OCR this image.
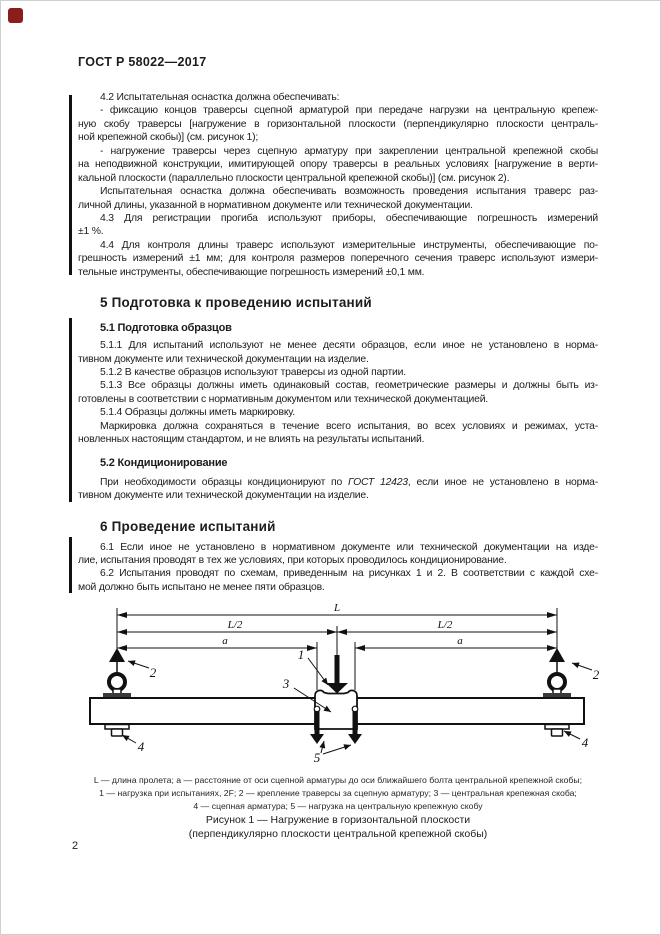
ГОСТ Р 58022—2017
4.2 Испытательная оснастка должна обеспечивать:
- фиксацию концов траверсы сцепной арматурой при передаче нагрузки на центральную крепеж-
ную скобу траверсы [нагружение в горизонтальной плоскости (перпендикулярно плоскости централь-
ной крепежной скобы)] (см. рисунок 1);
- нагружение траверсы через сцепную арматуру при закреплении центральной крепежной скобы
на неподвижной конструкции, имитирующей опору траверсы в реальных условиях [нагружение в верти-
кальной плоскости (параллельно плоскости центральной крепежной скобы)] (см. рисунок 2).
Испытательная оснастка должна обеспечивать возможность проведения испытания траверс раз-
личной длины, указанной в нормативном документе или технической документации.
4.3 Для регистрации прогиба используют приборы, обеспечивающие погрешность измерений
±1 %.
4.4 Для контроля длины траверс используют измерительные инструменты, обеспечивающие по-
грешность измерений ±1 мм; для контроля размеров поперечного сечения траверс используют измери-
тельные инструменты, обеспечивающие погрешность измерений ±0,1 мм.
5 Подготовка к проведению испытаний
5.1 Подготовка образцов
5.1.1 Для испытаний используют не менее десяти образцов, если иное не установлено в норма-
тивном документе или технической документации на изделие.
5.1.2 В качестве образцов используют траверсы из одной партии.
5.1.3 Все образцы должны иметь одинаковый состав, геометрические размеры и должны быть из-
готовлены в соответствии с нормативным документом или технической документацией.
5.1.4 Образцы должны иметь маркировку.
Маркировка должна сохраняться в течение всего испытания, во всех условиях и режимах, уста-
новленных настоящим стандартом, и не влиять на результаты испытаний.
5.2 Кондиционирование
При необходимости образцы кондиционируют по ГОСТ 12423, если иное не установлено в норма-
тивном документе или технической документации на изделие.
6 Проведение испытаний
6.1 Если иное не установлено в нормативном документе или технической документации на изде-
лие, испытания проводят в тех же условиях, при которых проводилось кондиционирование.
6.2 Испытания проводят по схемам, приведенным на рисунках 1 и 2. В соответствии с каждой схе-
мой должно быть испытано не менее пяти образцов.
L
L/2	L/2
a	a
1
2	2
3
4	4
5
L — длина пролета; а — расстояние от оси сцепной арматуры до оси ближайшего болта центральной крепежной скобы;
1 — нагрузка при испытаниях, 2F; 2 — крепление траверсы за сцепную арматуру; 3 — центральная крепежная скоба;
4 — сцепная арматура; 5 — нагрузка на центральную крепежную скобу
Рисунок 1 — Нагружение в горизонтальной плоскости
(перпендикулярно плоскости центральной крепежной скобы)
2
